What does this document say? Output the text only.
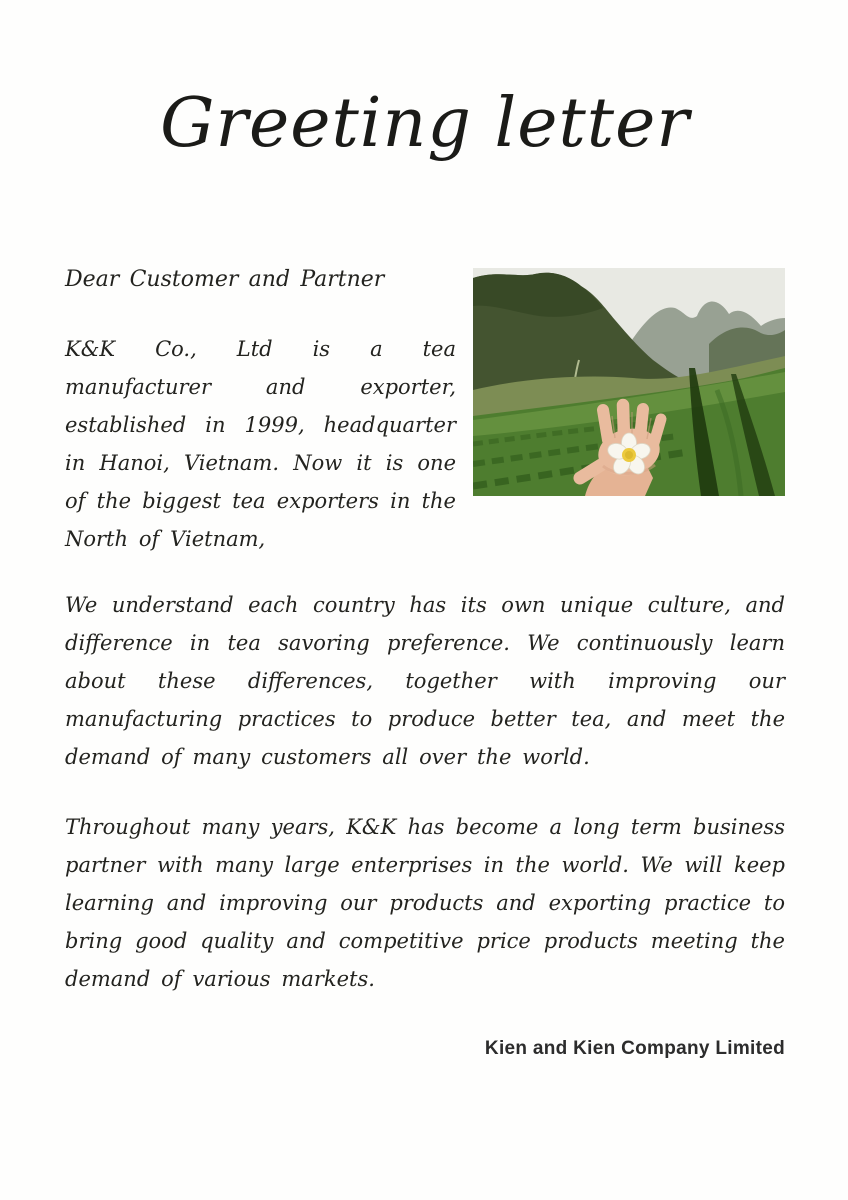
Greeting letter

Dear Customer and Partner

K&K Co., Ltd is a tea manufacturer and exporter, established in 1999, headquarter in Hanoi, Vietnam. Now it is one of the biggest tea exporters in the North of Vietnam,

We understand each country has its own unique culture, and difference in tea savoring preference. We continuously learn about these differences, together with improving our manufacturing practices to produce better tea, and meet the demand of many customers all over the world.

Throughout many years, K&K has become a long term business partner with many large enterprises in the world. We will keep learning and improving our products and exporting practice to bring good quality and competitive price products meeting the demand of various markets.

Kien and Kien Company Limited
